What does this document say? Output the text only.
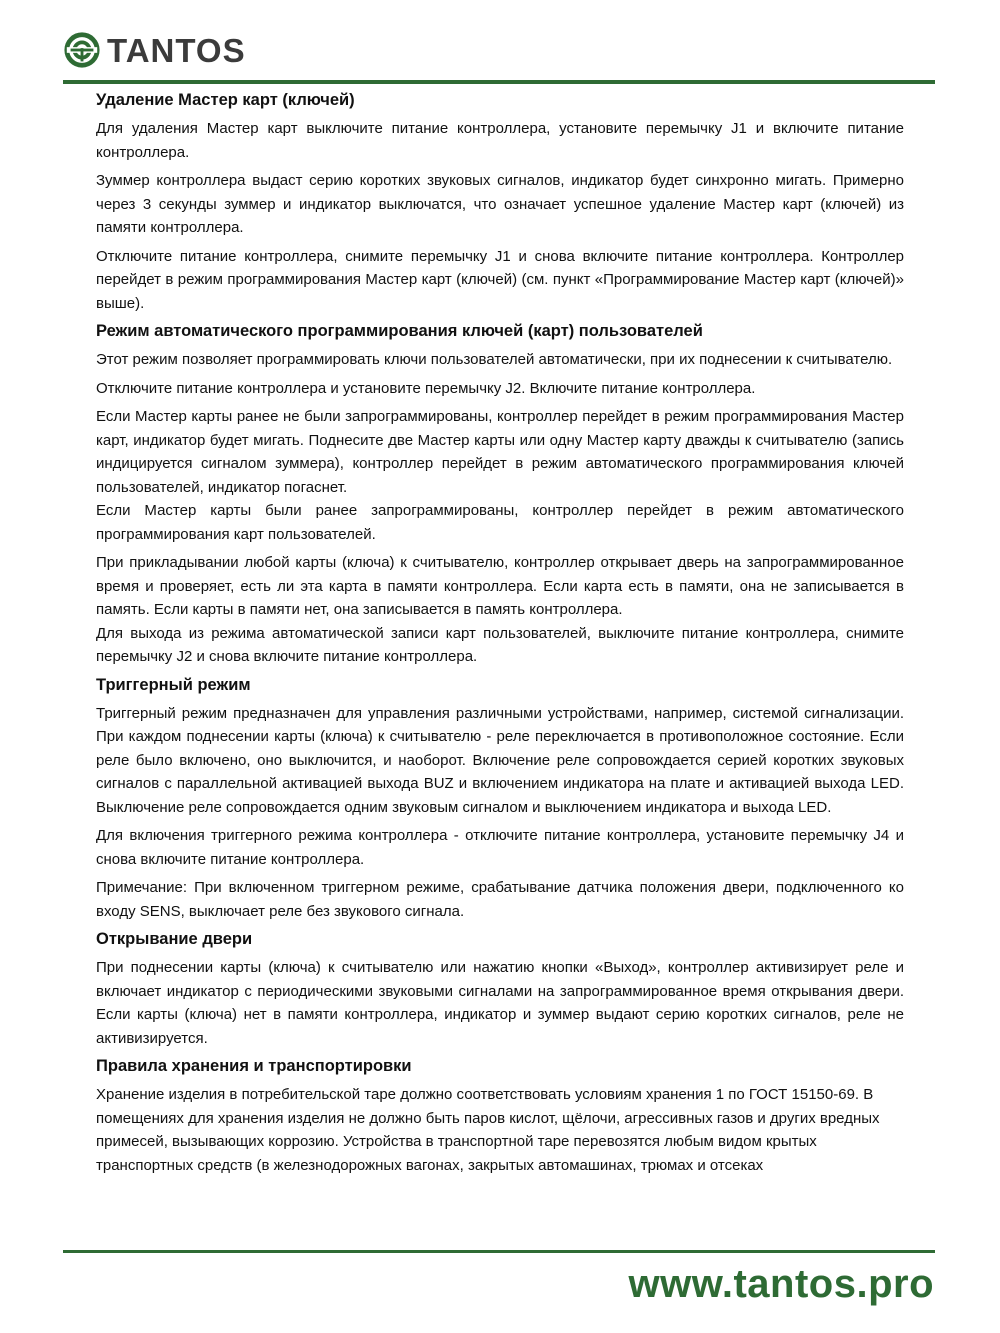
TANTOS
Удаление Мастер карт (ключей)

Для удаления Мастер карт выключите питание контроллера, установите перемычку J1 и включите питание контроллера.

Зуммер контроллера выдаст серию коротких звуковых сигналов, индикатор будет синхронно мигать. Примерно через 3 секунды зуммер и индикатор выключатся, что означает успешное удаление Мастер карт (ключей) из памяти контроллера.

Отключите питание контроллера, снимите перемычку J1 и снова включите питание контроллера. Контроллер перейдет в режим программирования Мастер карт (ключей) (см. пункт «Программирование Мастер карт (ключей)» выше).

Режим автоматического программирования ключей (карт) пользователей

Этот режим позволяет программировать ключи пользователей автоматически, при их поднесении к считывателю.

Отключите питание контроллера и установите перемычку J2. Включите питание контроллера.

Если Мастер карты ранее не были запрограммированы, контроллер перейдет в режим программирования Мастер карт, индикатор будет мигать. Поднесите две Мастер карты или одну Мастер карту дважды к считывателю (запись индицируется сигналом зуммера), контроллер перейдет в режим автоматического программирования ключей пользователей, индикатор погаснет.

Если Мастер карты были ранее запрограммированы, контроллер перейдет в режим автоматического программирования карт пользователей.

При прикладывании любой карты (ключа) к считывателю, контроллер открывает дверь на запрограммированное время и проверяет, есть ли эта карта в памяти контроллера. Если карта есть в памяти, она не записывается в память. Если карты в памяти нет, она записывается в память контроллера.

Для выхода из режима автоматической записи карт пользователей, выключите питание контроллера, снимите перемычку J2 и снова включите питание контроллера.

Триггерный режим

Триггерный режим предназначен для управления различными устройствами, например, системой сигнализации. При каждом поднесении карты (ключа) к считывателю - реле переключается в противоположное состояние. Если реле было включено, оно выключится, и наоборот. Включение реле сопровождается серией коротких звуковых сигналов с параллельной активацией выхода BUZ и включением индикатора на плате и активацией выхода LED. Выключение реле сопровождается одним звуковым сигналом и выключением индикатора и выхода LED.

Для включения триггерного режима контроллера - отключите питание контроллера, установите перемычку J4 и снова включите питание контроллера.

Примечание: При включенном триггерном режиме, срабатывание датчика положения двери, подключенного ко входу SENS, выключает реле без звукового сигнала.

Открывание двери

При поднесении карты (ключа) к считывателю или нажатию кнопки «Выход», контроллер активизирует реле и включает индикатор с периодическими звуковыми сигналами на запрограммированное время открывания двери. Если карты (ключа) нет в памяти контроллера, индикатор и зуммер выдают серию коротких сигналов, реле не активизируется.

Правила хранения и транспортировки

Хранение изделия в потребительской таре должно соответствовать условиям хранения 1 по ГОСТ 15150-69. В помещениях для хранения изделия не должно быть паров кислот, щёлочи, агрессивных газов и других вредных примесей, вызывающих коррозию. Устройства в транспортной таре перевозятся любым видом крытых транспортных средств (в железнодорожных вагонах, закрытых автомашинах, трюмах и отсеках

www.tantos.pro
